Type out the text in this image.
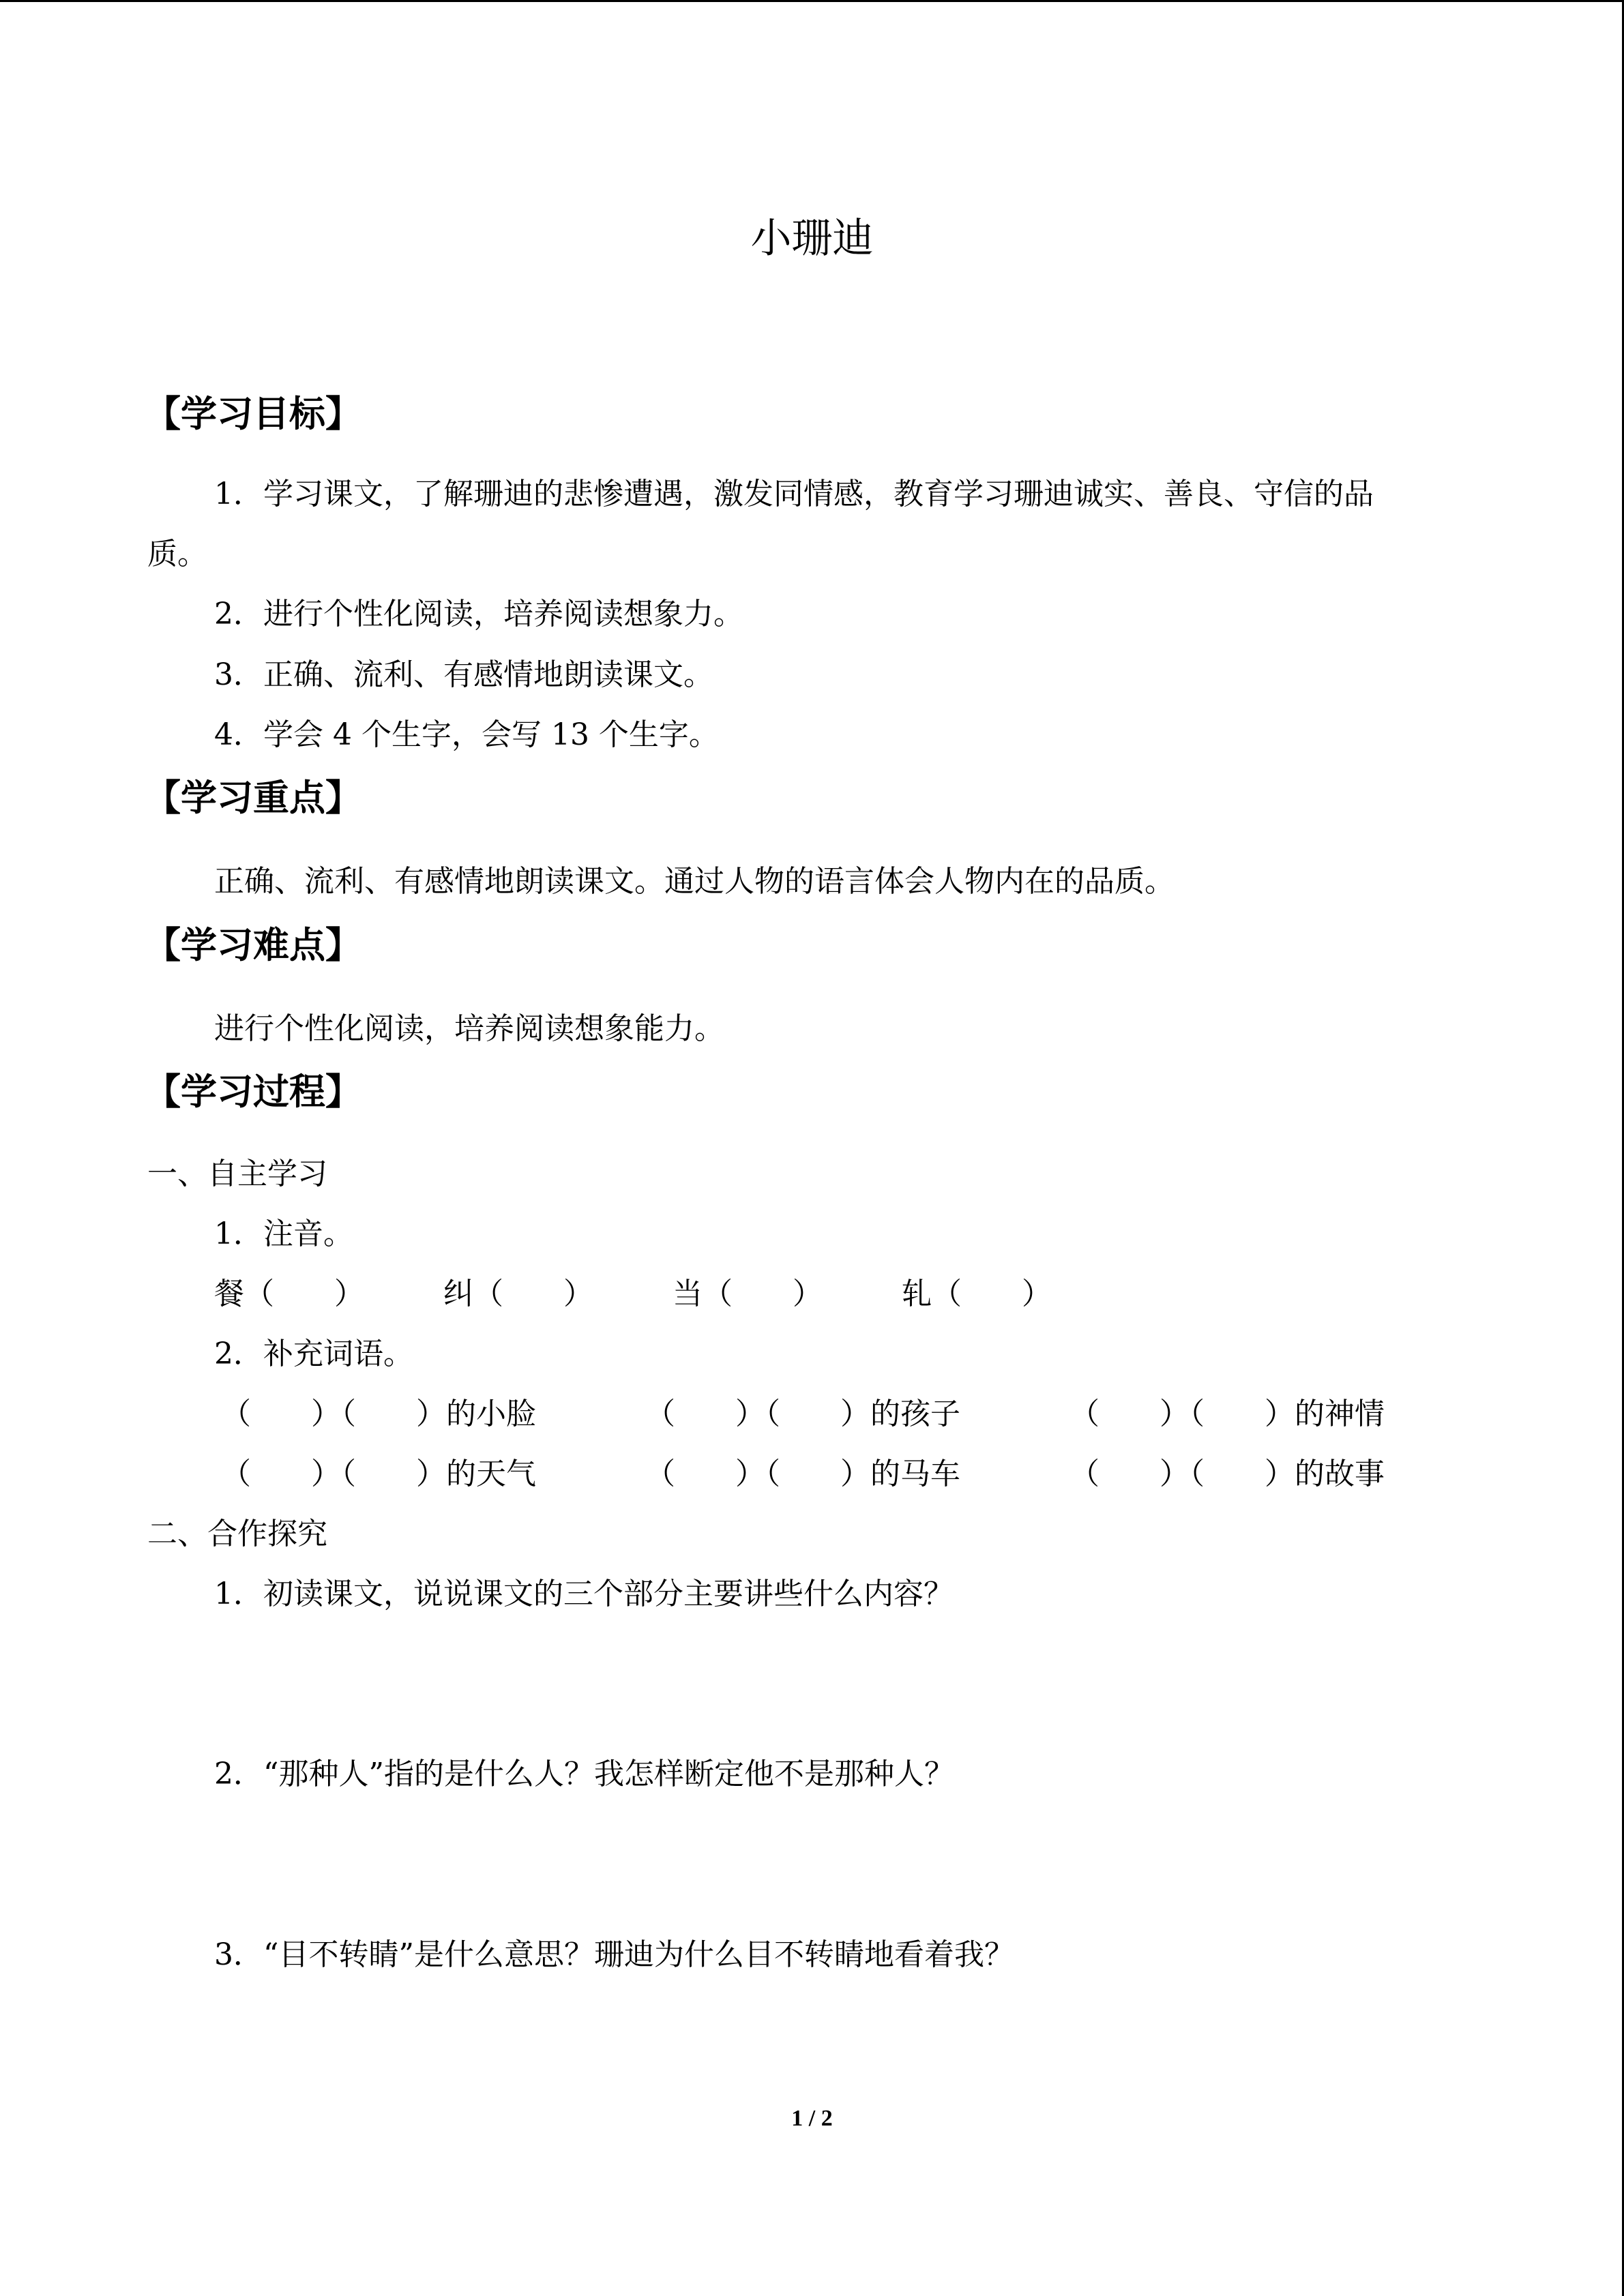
小珊迪
【学习目标】
1．学习课文，了解珊迪的悲惨遭遇，激发同情感，教育学习珊迪诚实、善良、守信的品
质。
2．进行个性化阅读，培养阅读想象力。
3．正确、流利、有感情地朗读课文。
4．学会 4 个生字，会写 13 个生字。
【学习重点】
正确、流利、有感情地朗读课文。通过人物的语言体会人物内在的品质。
【学习难点】
进行个性化阅读，培养阅读想象能力。
【学习过程】
一、自主学习
1．注音。
餐（　　）	纠（　　）	当（　　）	轧（　　）
2．补充词语。
（　　）（　　）的小脸	（　　）（　　）的孩子	（　　）（　　）的神情
（　　）（　　）的天气	（　　）（　　）的马车	（　　）（　　）的故事
二、合作探究
1．初读课文，说说课文的三个部分主要讲些什么内容？
2．“那种人”指的是什么人？我怎样断定他不是那种人？
3．“目不转睛”是什么意思？珊迪为什么目不转睛地看着我？
1 / 2
